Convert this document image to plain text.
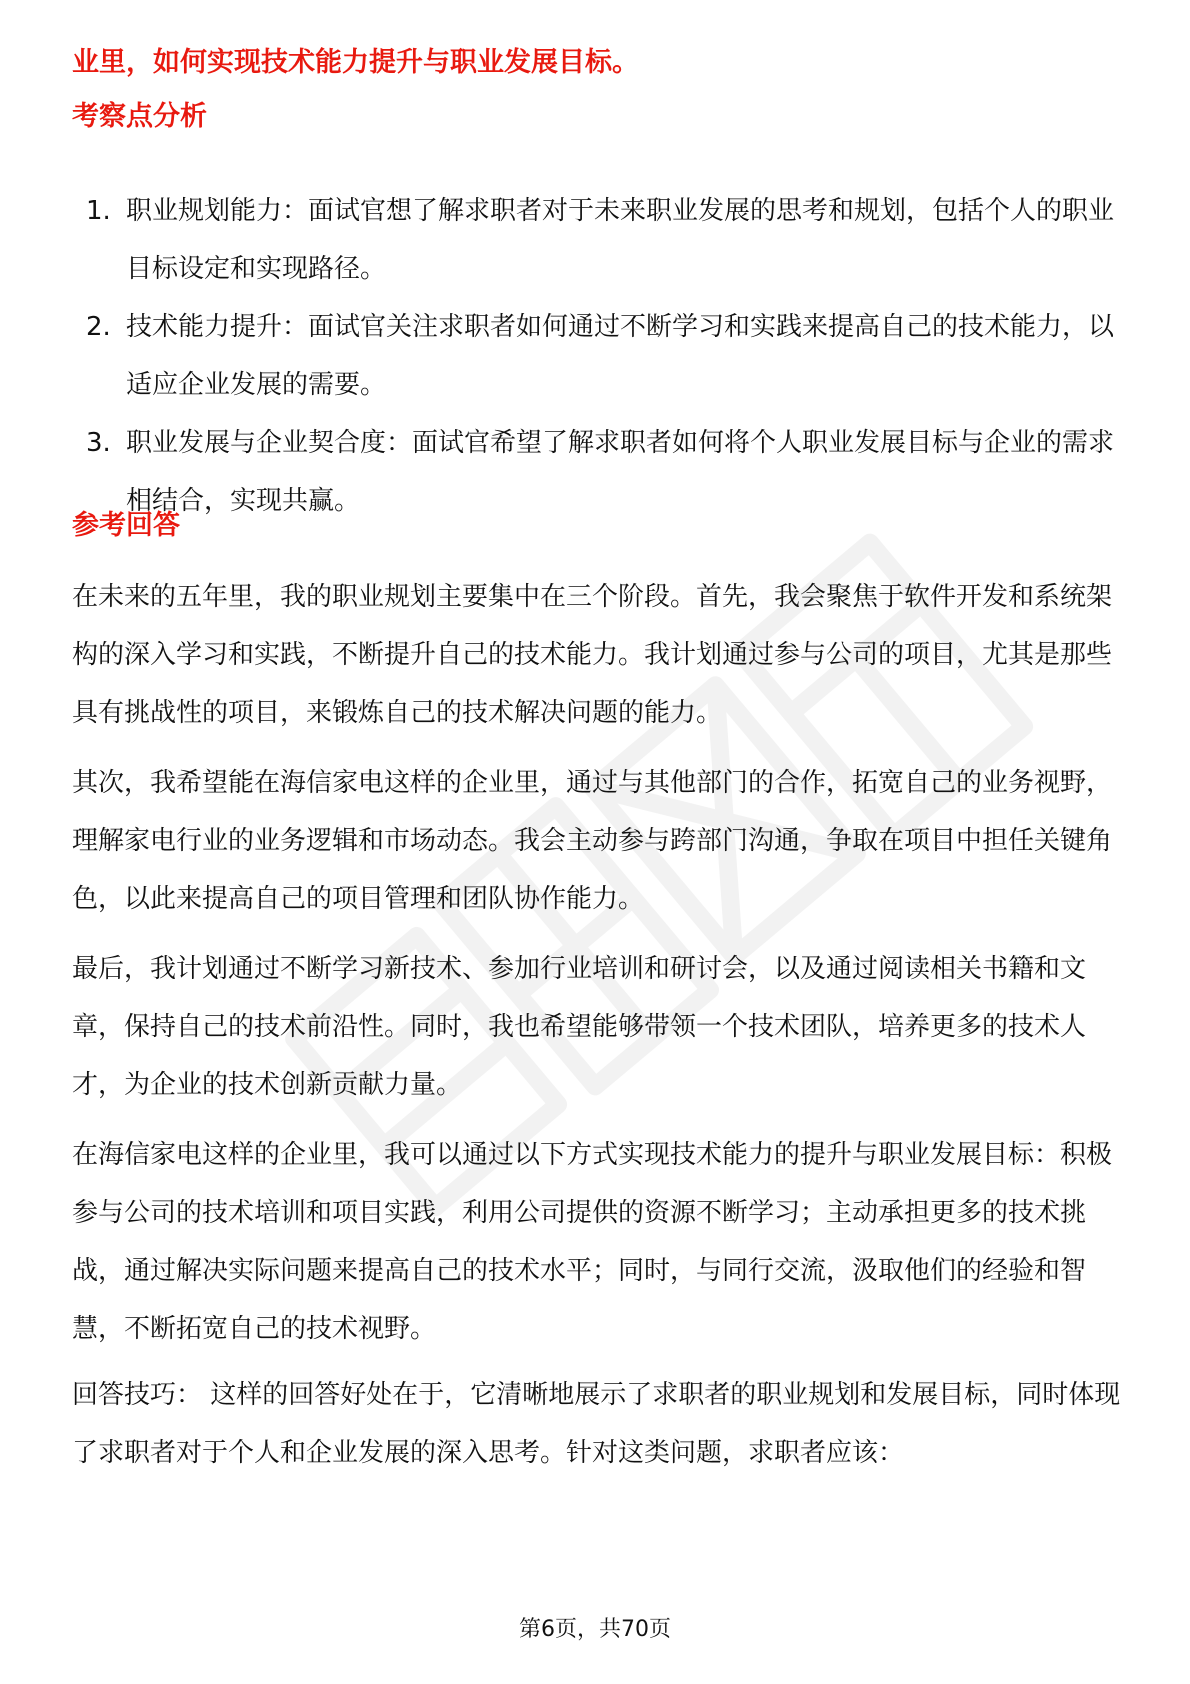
业里，如何实现技术能力提升与职业发展目标。
考察点分析
1. 职业规划能力：面试官想了解求职者对于未来职业发展的思考和规划，包括个人的职业目标设定和实现路径。
2. 技术能力提升：面试官关注求职者如何通过不断学习和实践来提高自己的技术能力，以适应企业发展的需要。
3. 职业发展与企业契合度：面试官希望了解求职者如何将个人职业发展目标与企业的需求相结合，实现共赢。
参考回答

在未来的五年里，我的职业规划主要集中在三个阶段。首先，我会聚焦于软件开发和系统架构的深入学习和实践，不断提升自己的技术能力。我计划通过参与公司的项目，尤其是那些具有挑战性的项目，来锻炼自己的技术解决问题的能力。

其次，我希望能在海信家电这样的企业里，通过与其他部门的合作，拓宽自己的业务视野，理解家电行业的业务逻辑和市场动态。我会主动参与跨部门沟通，争取在项目中担任关键角色，以此来提高自己的项目管理和团队协作能力。

最后，我计划通过不断学习新技术、参加行业培训和研讨会，以及通过阅读相关书籍和文章，保持自己的技术前沿性。同时，我也希望能够带领一个技术团队，培养更多的技术人才，为企业的技术创新贡献力量。

在海信家电这样的企业里，我可以通过以下方式实现技术能力的提升与职业发展目标：积极参与公司的技术培训和项目实践，利用公司提供的资源不断学习；主动承担更多的技术挑战，通过解决实际问题来提高自己的技术水平；同时，与同行交流，汲取他们的经验和智慧，不断拓宽自己的技术视野。

回答技巧： 这样的回答好处在于，它清晰地展示了求职者的职业规划和发展目标，同时体现了求职者对于个人和企业发展的深入思考。针对这类问题，求职者应该：

第6页，共70页
